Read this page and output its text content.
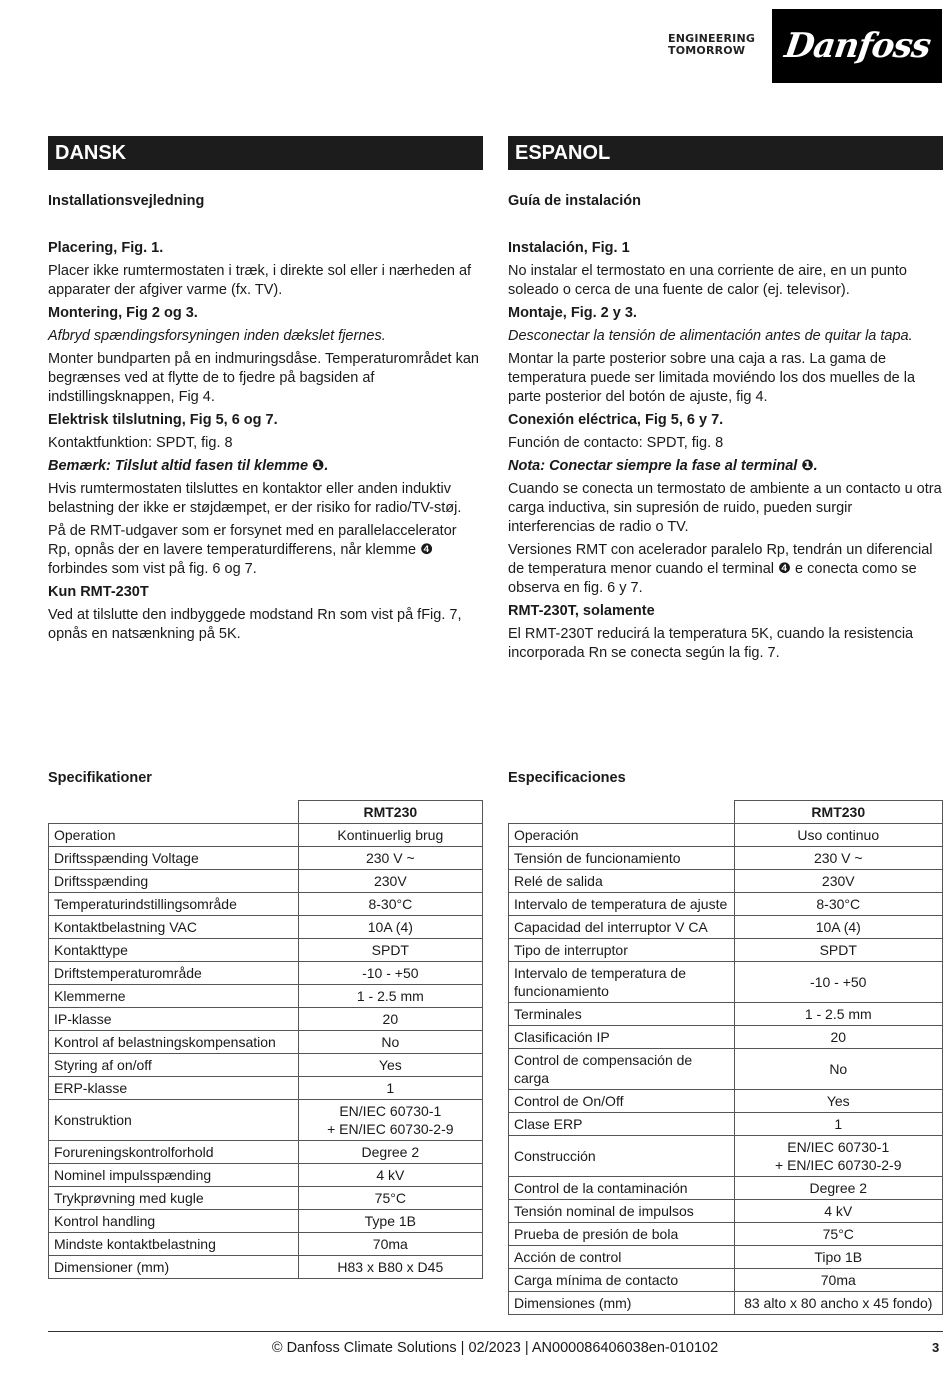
ENGINEERING
TOMORROW	Danfoss
DANSK
Installationsvejledning

Placering, Fig. 1.

Placer ikke rumtermostaten i træk, i direkte sol eller i nærheden af apparater der afgiver varme (fx. TV).

Montering, Fig 2 og 3.

Afbryd spændingsforsyningen inden dækslet fjernes.

Monter bundparten på en indmuringsdåse. Temperaturområdet kan begrænses ved at flytte de to fjedre på bagsiden af indstillingsknappen, Fig 4.

Elektrisk tilslutning, Fig 5, 6 og 7.

Kontaktfunktion: SPDT, fig. 8

Bemærk: Tilslut altid fasen til klemme ❶.

Hvis rumtermostaten tilsluttes en kontaktor eller anden induktiv belastning der ikke er støjdæmpet, er der risiko for radio/TV-støj.

På de RMT-udgaver som er forsynet med en parallelaccelerator Rp, opnås der en lavere temperaturdifferens, når klemme ❹ forbindes som vist på fig. 6 og 7.

Kun RMT-230T

Ved at tilslutte den indbyggede modstand Rn som vist på fFig. 7, opnås en natsænkning på 5K.

ESPANOL
Guía de instalación

Instalación, Fig. 1

No instalar el termostato en una corriente de aire, en un punto soleado o cerca de una fuente de calor (ej. televisor).

Montaje, Fig. 2 y 3.

Desconectar la tensión de alimentación antes de quitar la tapa.

Montar la parte posterior sobre una caja a ras. La gama de temperatura puede ser limitada moviéndo los dos muelles de la parte posterior del botón de ajuste, fig 4.

Conexión eléctrica, Fig 5, 6 y 7.

Función de contacto: SPDT, fig. 8

Nota: Conectar siempre la fase al terminal ❶.

Cuando se conecta un termostato de ambiente a un contacto u otra carga inductiva, sin supresión de ruido, pueden surgir interferencias de radio o TV.

Versiones RMT con acelerador paralelo Rp, tendrán un diferencial de temperatura menor cuando el terminal ❹ e conecta como se observa en fig. 6 y 7.

RMT-230T, solamente

El RMT-230T reducirá la temperatura 5K, cuando la resistencia incorporada Rn se conecta según la fig. 7.

Specifikationer	Especificaciones
	RMT230
Operation	Kontinuerlig brug
Driftsspænding Voltage	230 V ~
Driftsspænding	230V
Temperaturindstillingsområde	8-30°C
Kontaktbelastning VAC	10A (4)
Kontakttype	SPDT
Driftstemperaturområde	-10 - +50
Klemmerne	1 - 2.5 mm
IP-klasse	20
Kontrol af belastningskompensation	No
Styring af on/off	Yes
ERP-klasse	1
Konstruktion	EN/IEC 60730-1
+ EN/IEC 60730-2-9
Forureningskontrolforhold	Degree 2
Nominel impulsspænding	4 kV
Trykprøvning med kugle	75°C
Kontrol handling	Type 1B
Mindste kontaktbelastning	70ma
Dimensioner (mm)	H83 x B80 x D45
	RMT230
Operación	Uso continuo
Tensión de funcionamiento	230 V ~
Relé de salida	230V
Intervalo de temperatura de ajuste	8-30°C
Capacidad del interruptor V CA	10A (4)
Tipo de interruptor	SPDT
Intervalo de temperatura de funcionamiento	-10 - +50
Terminales	1 - 2.5 mm
Clasificación IP	20
Control de compensación de carga	No
Control de On/Off	Yes
Clase ERP	1
Construcción	EN/IEC 60730-1
+ EN/IEC 60730-2-9
Control de la contaminación	Degree 2
Tensión nominal de impulsos	4 kV
Prueba de presión de bola	75°C
Acción de control	Tipo 1B
Carga mínima de contacto	70ma
Dimensiones (mm)	83 alto x 80 ancho x 45 fondo)
© Danfoss Climate Solutions | 02/2023 | AN000086406038en-010102	3
